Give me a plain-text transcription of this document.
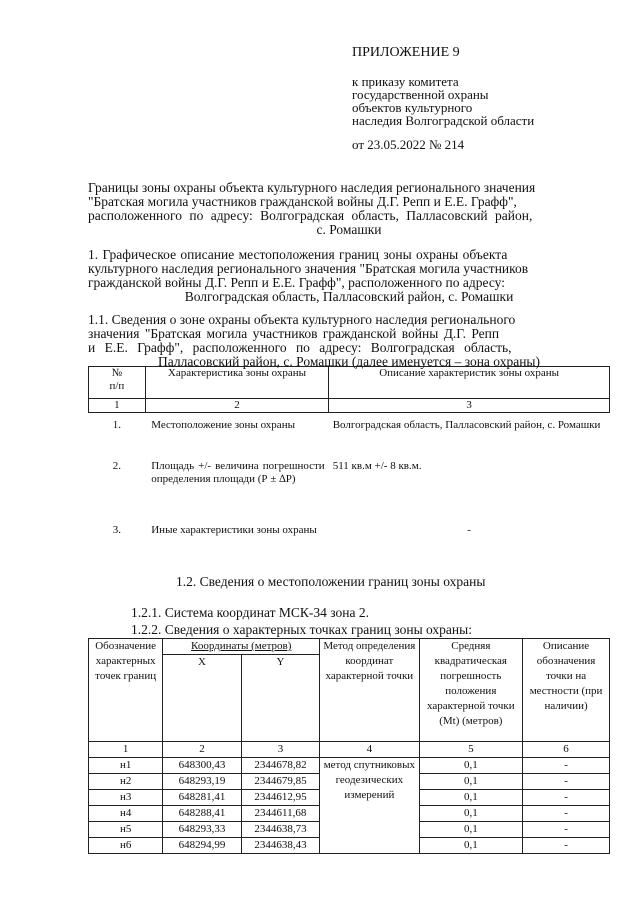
ПРИЛОЖЕНИЕ 9
к приказу комитета
государственной охраны
объектов культурного
наследия Волгоградской области
от 23.05.2022 № 214
Границы зоны охраны объекта культурного наследия регионального значения
"Братская могила участников гражданской войны Д.Г. Репп и Е.Е. Графф",
расположенного по адресу: Волгоградская область, Палласовский район,
с. Ромашки
1. Графическое описание местоположения границ зоны охраны объекта
культурного наследия регионального значения "Братская могила участников
гражданской войны Д.Г. Репп и Е.Е. Графф", расположенного по адресу:
Волгоградская область, Палласовский район, с. Ромашки
1.1. Сведения о зоне охраны объекта культурного наследия регионального
значения "Братская могила участников гражданской войны Д.Г. Репп
и Е.Е. Графф", расположенного по адресу: Волгоградская область,
Палласовский район, с. Ромашки (далее именуется – зона охраны)
№
п/п	Характеристика зоны охраны	Описание характеристик зоны охраны
1	2	3
1.	Местоположение зоны охраны	Волгоградская область, Палласовский район, с. Ромашки
2.	Площадь +/- величина погрешности определения площади (Р ± ∆Р)	511 кв.м +/- 8 кв.м.
3.	Иные характеристики зоны охраны	-
1.2. Сведения о местоположении границ зоны охраны
1.2.1. Система координат МСК-34 зона 2.
1.2.2. Сведения о характерных точках границ зоны охраны:
Обозначение характерных точек границ	Координаты (метров)		Метод определения координат характерной точки	Средняя квадратическая погрешность положения характерной точки (Mt) (метров)	Описание обозначения точки на местности (при наличии)
	X	Y			
1	2	3	4	5	6
н1	648300,43	2344678,82	метод спутниковых геодезических измерений	0,1	-
н2	648293,19	2344679,85		0,1	-
н3	648281,41	2344612,95		0,1	-
н4	648288,41	2344611,68		0,1	-
н5	648293,33	2344638,73		0,1	-
н6	648294,99	2344638,43		0,1	-
